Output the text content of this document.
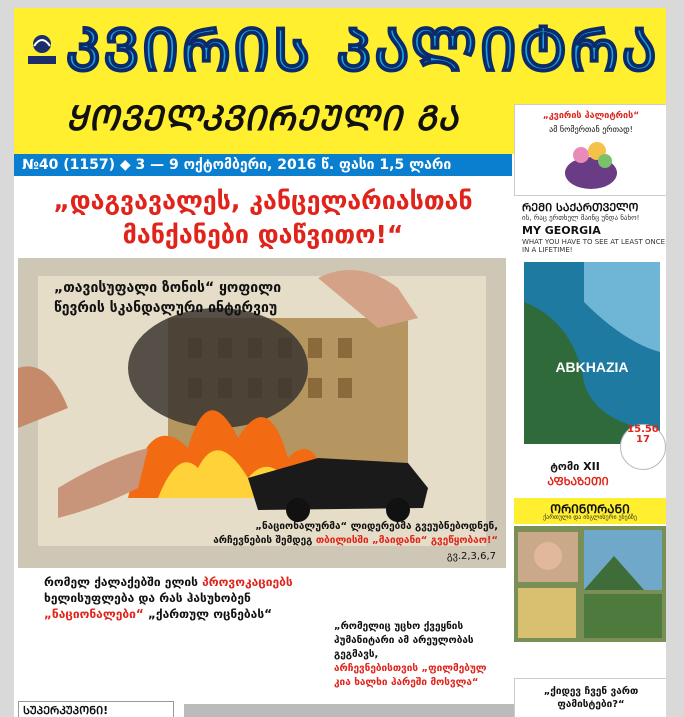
ᲙᲕᲘᲠᲘᲡ ᲞᲐᲚᲘᲢᲠᲐ
ᲧᲝᲕᲔᲚᲙᲕᲘᲠᲔᲣᲚᲘ ᲒᲐ
№40 (1157) ◆ 3 — 9 ოქტომბერი, 2016 წ. ფასი 1,5 ლარი
„დაგვავალეს, კანცელარიასთან
მანქანები დაწვითო!“
„თავისუფალი ზონის“ ყოფილი წევრის სკანდალური ინტერვიუ
„ნაციონალურმა“ ლიდერებმა გვეუბნებოდნენ,
არჩევნების შემდეგ თბილისში „მაიდანი“ გვეწყობაო!“
გვ.2,3,6,7
რომელ ქალაქებში ელის პროვოკაციებს ხელისუფლება და რას ჰასუხობენ „ნაციონალები“ „ქართულ ოცნებას“
„რომელიც უცხო ქვეყნის
ჰუმანიტარი ამ არეულობას
გეგმავს,
არჩევნებისთვის „ფილმებულ კია ხალხი ჰარეში მოსვლა“
ᲡᲣᲞᲔᲠᲙᲣᲞᲝᲜᲘ!
„კვირის პალიტრის“
ამ ნომერთან ერთად!
ᲠᲔᲛᲘ ᲡᲐᲥᲐᲠᲗᲕᲔᲚᲝ
ის, რაც ერთხელ მაინც უნდა ნახო!
MY GEORGIA
WHAT YOU HAVE TO SEE AT LEAST ONCE IN A LIFETIME!
ABKHAZIA
15.50
17
ტომი XII
ᲐᲤᲮᲐᲖᲔᲗᲘ
ᲝᲠᲘᲜᲝᲠᲐᲜᲘ
ქართული და ინგლისური ენებზე
„ქიდევ ჩვენ ვართ ფამისტები?“
